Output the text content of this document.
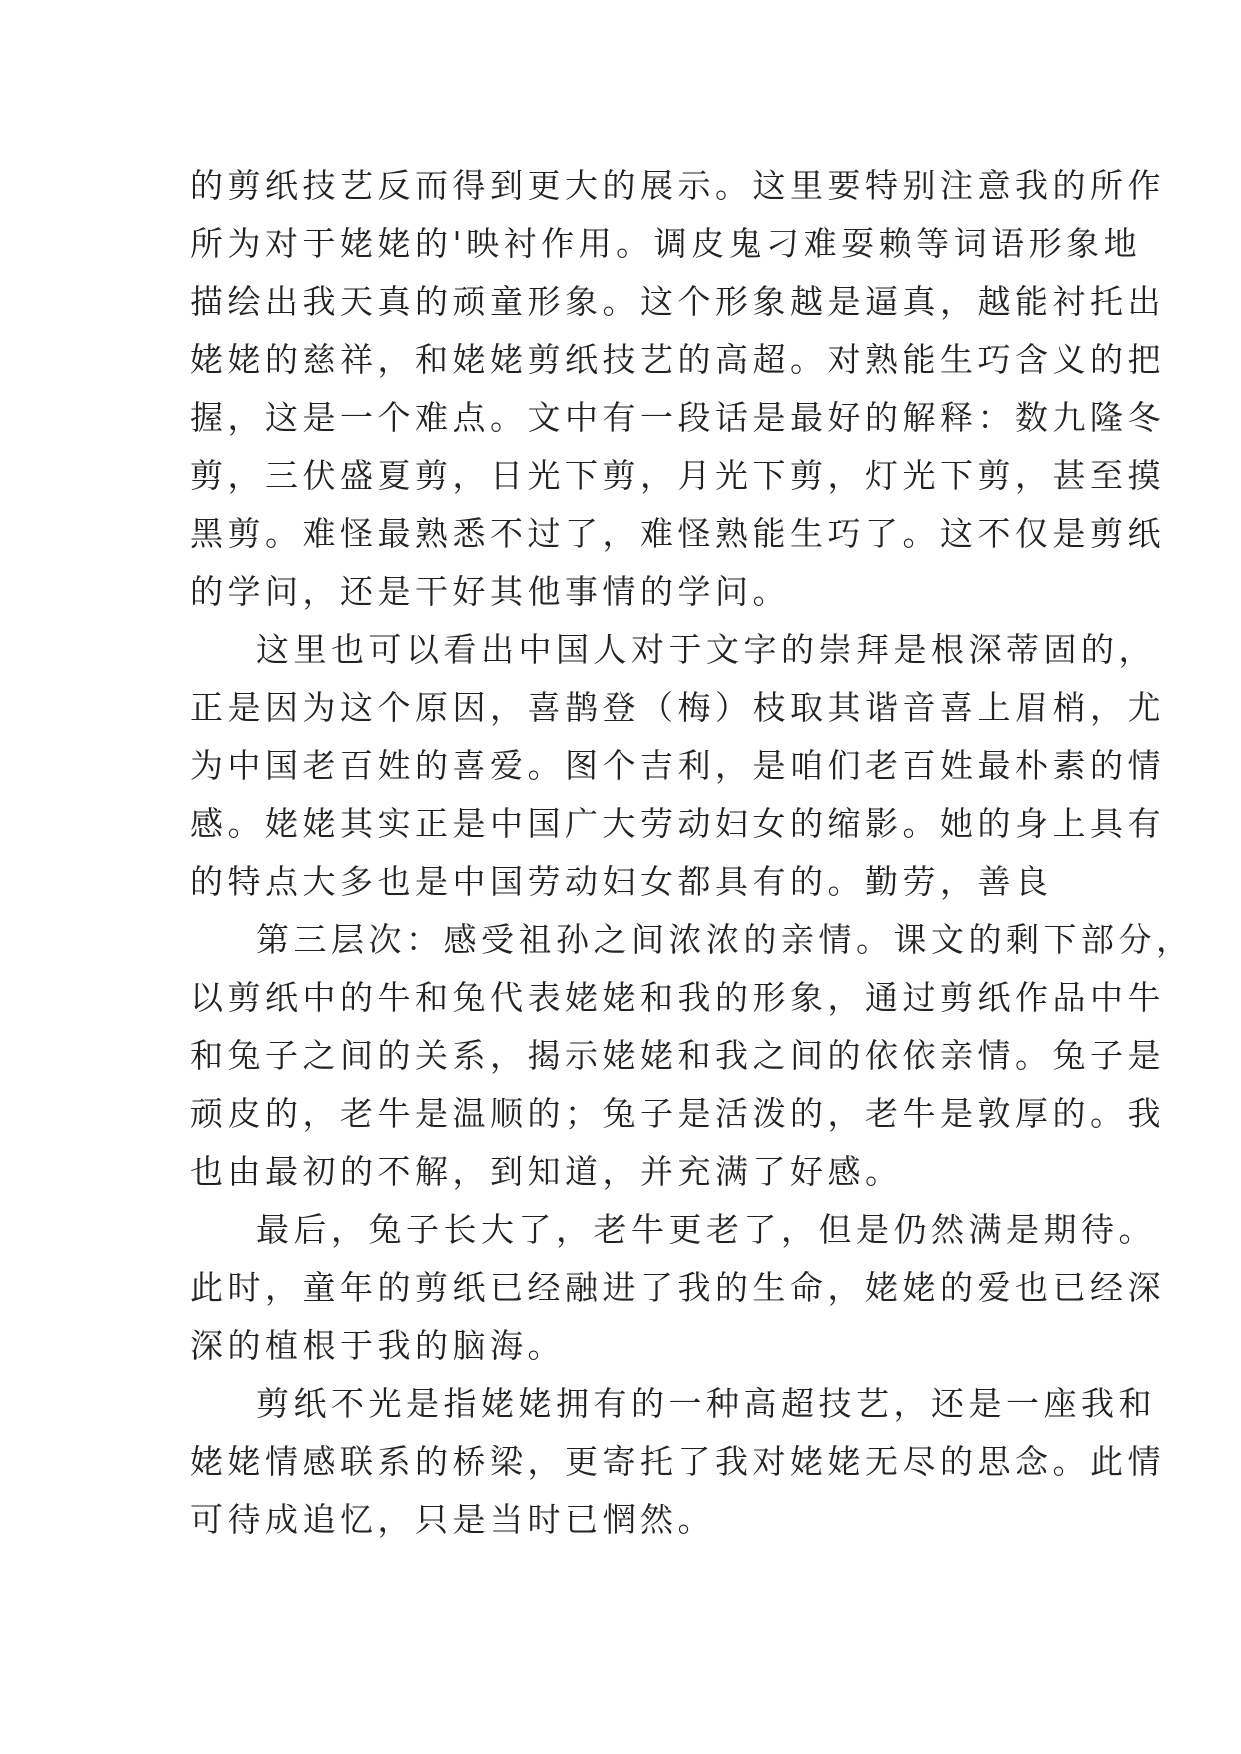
的剪纸技艺反而得到更大的展示。这里要特别注意我的所作
所为对于姥姥的'映衬作用。调皮鬼刁难耍赖等词语形象地
描绘出我天真的顽童形象。这个形象越是逼真，越能衬托出
姥姥的慈祥，和姥姥剪纸技艺的高超。对熟能生巧含义的把
握，这是一个难点。文中有一段话是最好的解释：数九隆冬
剪，三伏盛夏剪，日光下剪，月光下剪，灯光下剪，甚至摸
黑剪。难怪最熟悉不过了，难怪熟能生巧了。这不仅是剪纸
的学问，还是干好其他事情的学问。
这里也可以看出中国人对于文字的崇拜是根深蒂固的，
正是因为这个原因，喜鹊登（梅）枝取其谐音喜上眉梢，尤
为中国老百姓的喜爱。图个吉利，是咱们老百姓最朴素的情
感。姥姥其实正是中国广大劳动妇女的缩影。她的身上具有
的特点大多也是中国劳动妇女都具有的。勤劳，善良
第三层次：感受祖孙之间浓浓的亲情。课文的剩下部分，
以剪纸中的牛和兔代表姥姥和我的形象，通过剪纸作品中牛
和兔子之间的关系，揭示姥姥和我之间的依依亲情。兔子是
顽皮的，老牛是温顺的；兔子是活泼的，老牛是敦厚的。我
也由最初的不解，到知道，并充满了好感。
最后，兔子长大了，老牛更老了，但是仍然满是期待。
此时，童年的剪纸已经融进了我的生命，姥姥的爱也已经深
深的植根于我的脑海。
剪纸不光是指姥姥拥有的一种高超技艺，还是一座我和
姥姥情感联系的桥梁，更寄托了我对姥姥无尽的思念。此情
可待成追忆，只是当时已惘然。
